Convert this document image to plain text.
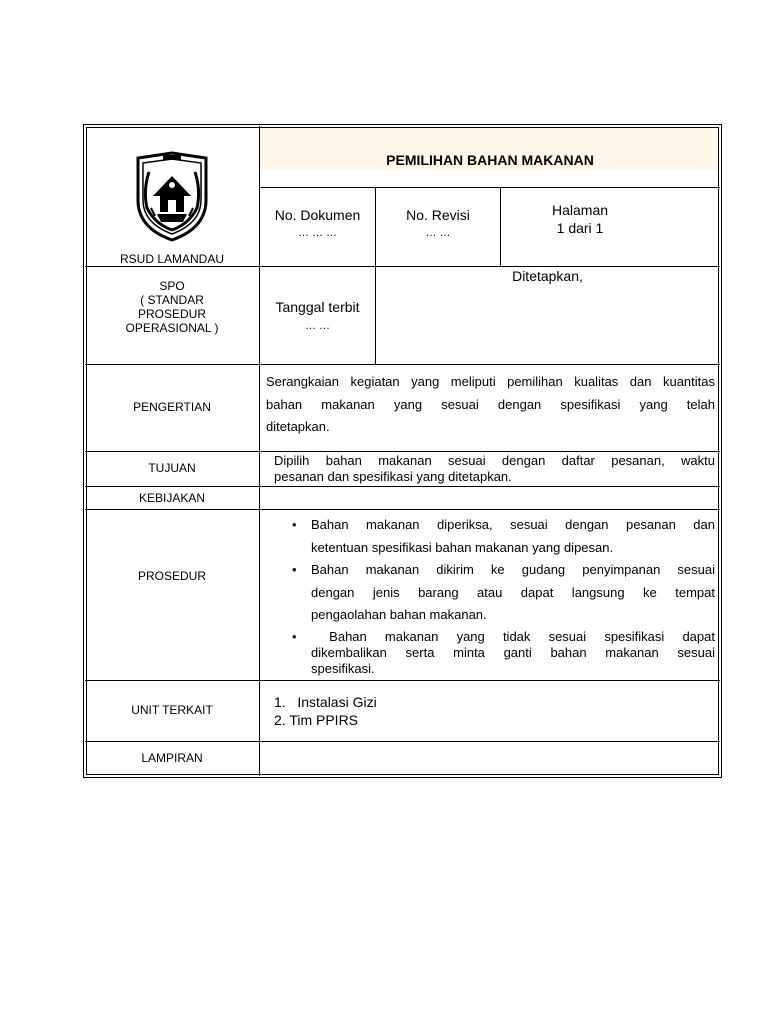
RSUD LAMANDAU
PEMILIHAN BAHAN MAKANAN
No. Dokumen
… … …
No. Revisi
… …
Halaman
1 dari 1
SPO
( STANDAR
PROSEDUR
OPERASIONAL )
Tanggal terbit
… …
Ditetapkan,
PENGERTIAN
Serangkaian kegiatan yang meliputi pemilihan kualitas dan kuantitas
bahan makanan yang sesuai dengan spesifikasi yang telah
ditetapkan.
TUJUAN	Dipilih bahan makanan sesuai dengan daftar pesanan, waktu
pesanan dan spesifikasi yang ditetapkan.
KEBIJAKAN
PROSEDUR
• Bahan makanan diperiksa, sesuai dengan pesanan dan
ketentuan spesifikasi bahan makanan yang dipesan.
• Bahan makanan dikirim ke gudang penyimpanan sesuai
dengan jenis barang atau dapat langsung ke tempat
pengaolahan bahan makanan.
• Bahan makanan yang tidak sesuai spesifikasi dapat
dikembalikan serta minta ganti bahan makanan sesuai
spesifikasi.
UNIT TERKAIT	1.   Instalasi Gizi
2. Tim PPIRS
LAMPIRAN
